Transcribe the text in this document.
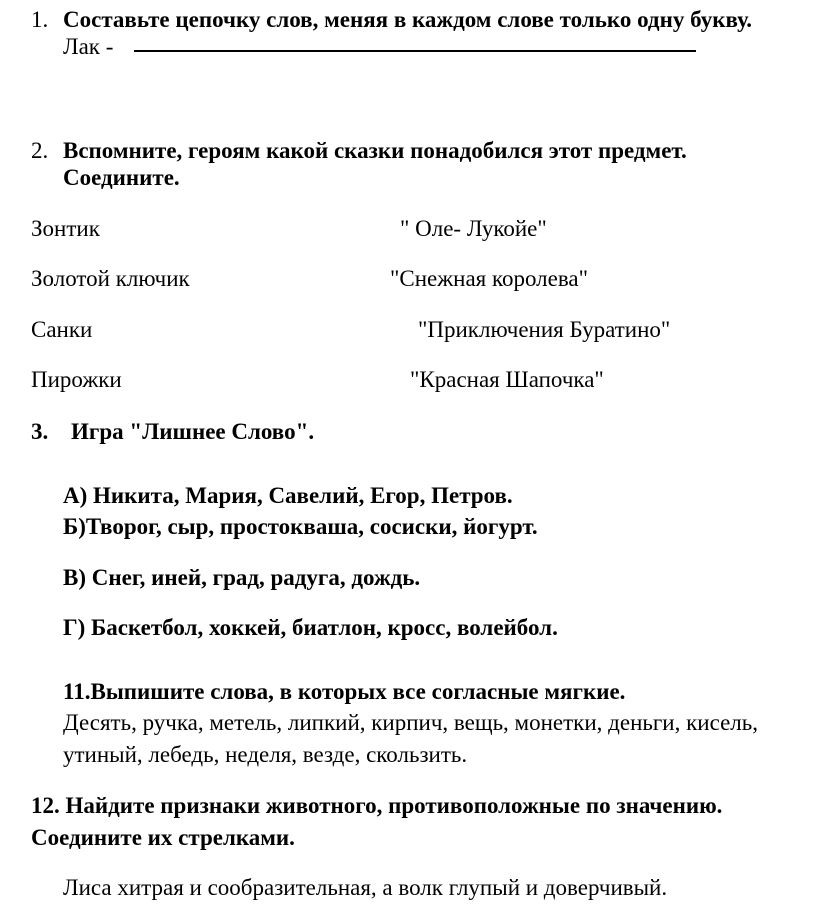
1. Составьте цепочку слов, меняя в каждом слове только одну букву.
Лак -
2. Вспомните, героям какой сказки понадобился этот предмет.
Соедините.
Зонтик	" Оле- Лукойе"
Золотой ключик	"Снежная королева"
Санки	"Приключения Буратино"
Пирожки	"Красная Шапочка"
3. Игра "Лишнее Слово".
А) Никита, Мария, Савелий, Егор, Петров.
Б)Творог, сыр, простокваша, сосиски, йогурт.
В) Снег, иней, град, радуга, дождь.
Г) Баскетбол, хоккей, биатлон, кросс, волейбол.
11.Выпишите слова, в которых все согласные мягкие.
Десять, ручка, метель, липкий, кирпич, вещь, монетки, деньги, кисель,
утиный, лебедь, неделя, везде, скользить.
12. Найдите признаки животного, противоположные по значению.
Соедините их стрелками.
Лиса хитрая и сообразительная, а волк глупый и доверчивый.
